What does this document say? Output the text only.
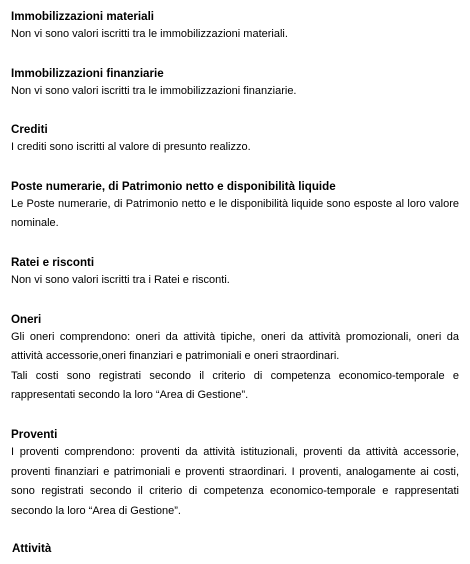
Immobilizzazioni materiali

Non vi sono valori iscritti tra le immobilizzazioni materiali.

Immobilizzazioni finanziarie

Non vi sono valori iscritti tra le immobilizzazioni finanziarie.

Crediti

I crediti sono iscritti al valore di presunto realizzo.

Poste numerarie, di Patrimonio netto e disponibilità liquide

Le Poste numerarie, di Patrimonio netto e le disponibilità liquide sono esposte al loro valore nominale.

Ratei e risconti

Non vi sono valori iscritti tra i Ratei e risconti.

Oneri

Gli oneri comprendono: oneri da attività tipiche, oneri da attività promozionali, oneri da attività accessorie,oneri finanziari e patrimoniali e oneri straordinari.

Tali costi sono registrati secondo il criterio di competenza economico-temporale e rappresentati secondo la loro “Area di Gestione”.

Proventi

I proventi comprendono: proventi da attività istituzionali, proventi da attività accessorie, proventi finanziari e patrimoniali e proventi straordinari. I proventi, analogamente ai costi, sono registrati secondo il criterio di competenza economico-temporale e rappresentati secondo la loro “Area di Gestione”.

Attività
